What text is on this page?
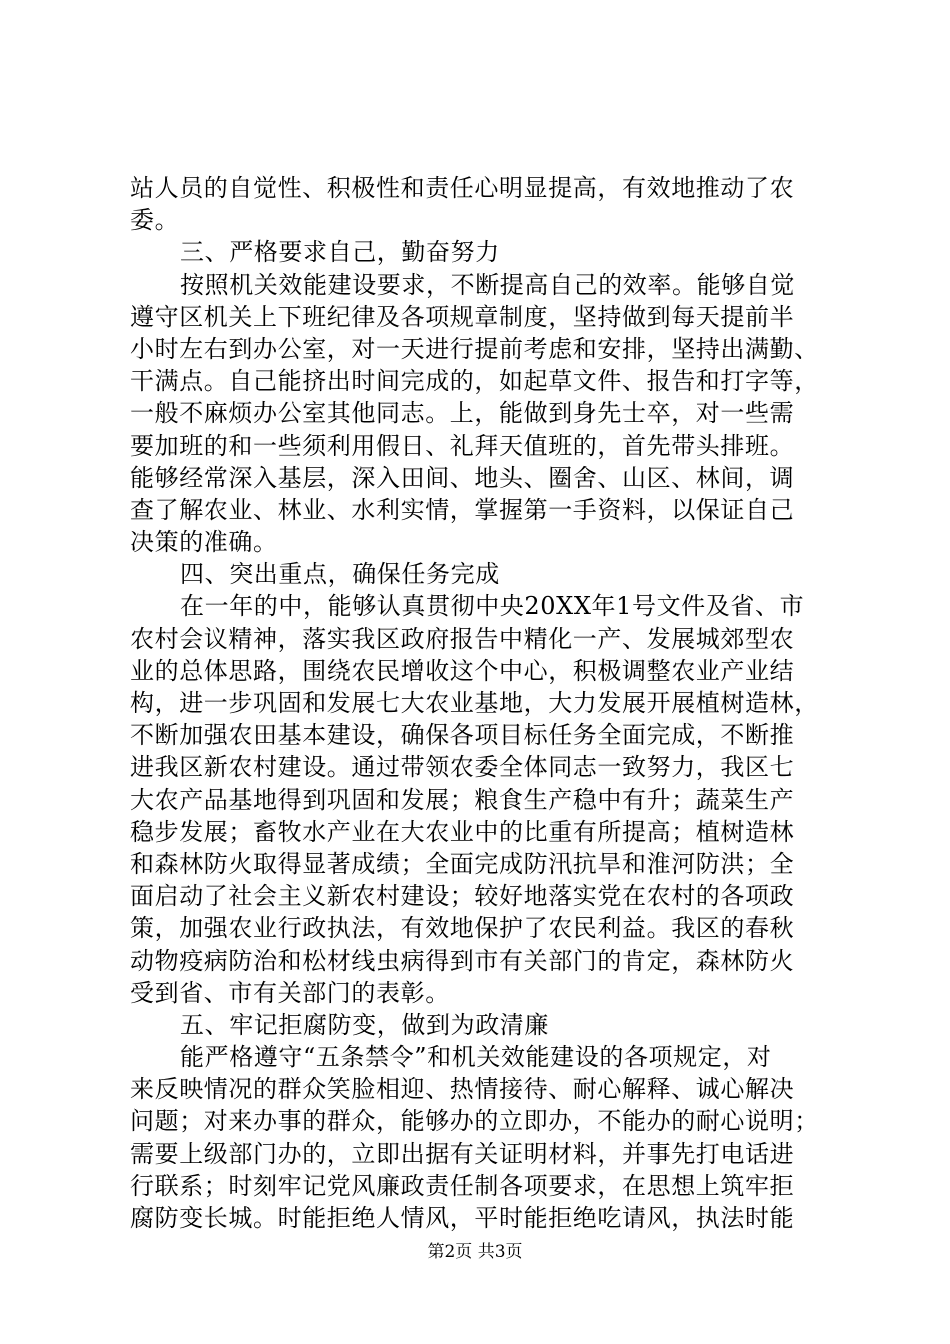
站人员的自觉性、积极性和责任心明显提高，有效地推动了农
委。
三、严格要求自己，勤奋努力
按照机关效能建设要求，不断提高自己的效率。能够自觉
遵守区机关上下班纪律及各项规章制度，坚持做到每天提前半
小时左右到办公室，对一天进行提前考虑和安排，坚持出满勤、
干满点。自己能挤出时间完成的，如起草文件、报告和打字等，
一般不麻烦办公室其他同志。上，能做到身先士卒，对一些需
要加班的和一些须利用假日、礼拜天值班的，首先带头排班。
能够经常深入基层，深入田间、地头、圈舍、山区、林间，调
查了解农业、林业、水利实情，掌握第一手资料，以保证自己
决策的准确。
四、突出重点，确保任务完成
在一年的中，能够认真贯彻中央20XX年1号文件及省、市
农村会议精神，落实我区政府报告中精化一产、发展城郊型农
业的总体思路，围绕农民增收这个中心，积极调整农业产业结
构，进一步巩固和发展七大农业基地，大力发展开展植树造林，
不断加强农田基本建设，确保各项目标任务全面完成，不断推
进我区新农村建设。通过带领农委全体同志一致努力，我区七
大农产品基地得到巩固和发展；粮食生产稳中有升；蔬菜生产
稳步发展；畜牧水产业在大农业中的比重有所提高；植树造林
和森林防火取得显著成绩；全面完成防汛抗旱和淮河防洪；全
面启动了社会主义新农村建设；较好地落实党在农村的各项政
策，加强农业行政执法，有效地保护了农民利益。我区的春秋
动物疫病防治和松材线虫病得到市有关部门的肯定，森林防火
受到省、市有关部门的表彰。
五、牢记拒腐防变，做到为政清廉
能严格遵守“五条禁令”和机关效能建设的各项规定，对
来反映情况的群众笑脸相迎、热情接待、耐心解释、诚心解决
问题；对来办事的群众，能够办的立即办，不能办的耐心说明；
需要上级部门办的，立即出据有关证明材料，并事先打电话进
行联系；时刻牢记党风廉政责任制各项要求，在思想上筑牢拒
腐防变长城。时能拒绝人情风，平时能拒绝吃请风，执法时能
第2页 共3页
